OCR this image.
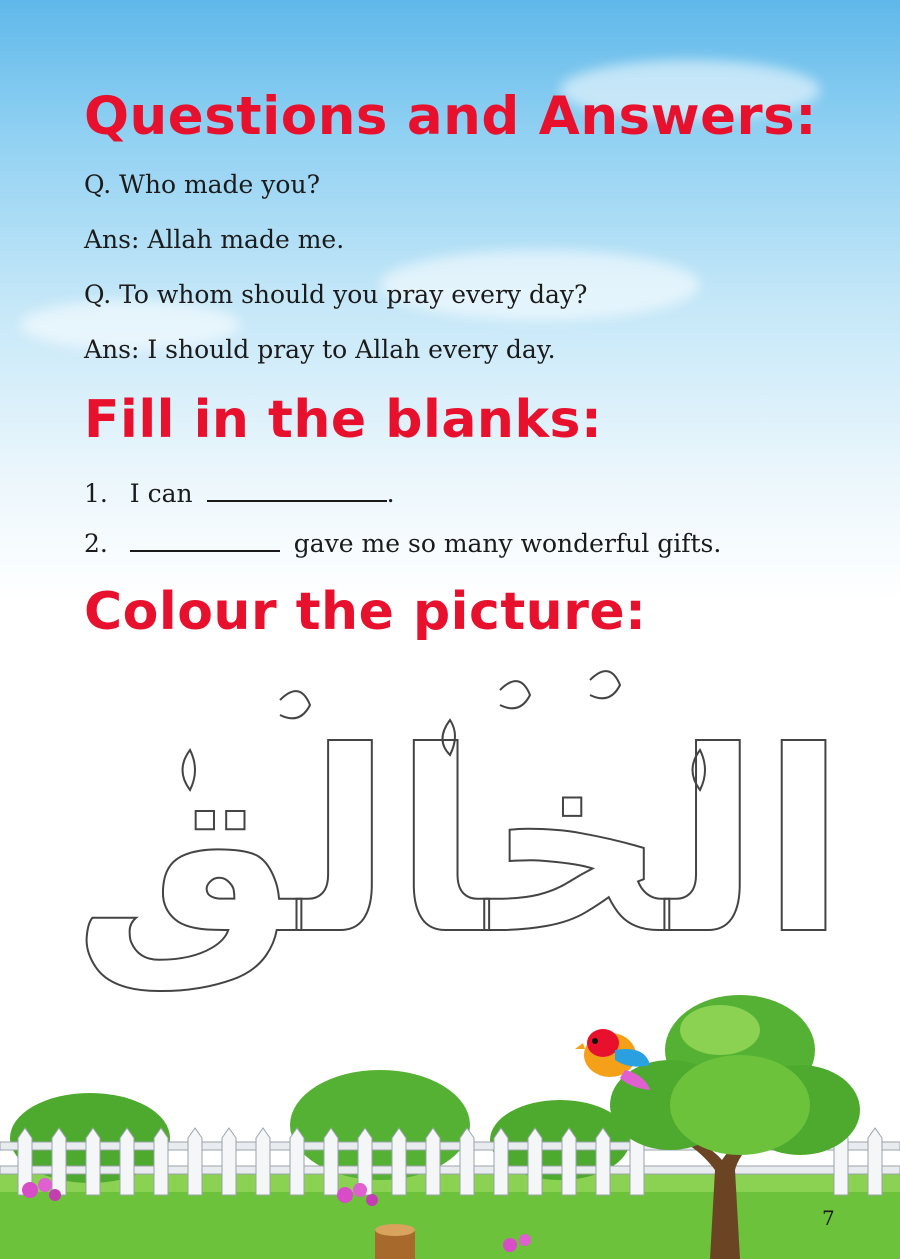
Questions and Answers:

Q. Who made you?

Ans: Allah made me.

Q. To whom should you pray every day?

Ans: I should pray to Allah every day.

Fill in the blanks:

1. I can	.

2.	gave me so many wonderful gifts.

Colour the picture:
الخالق
7
